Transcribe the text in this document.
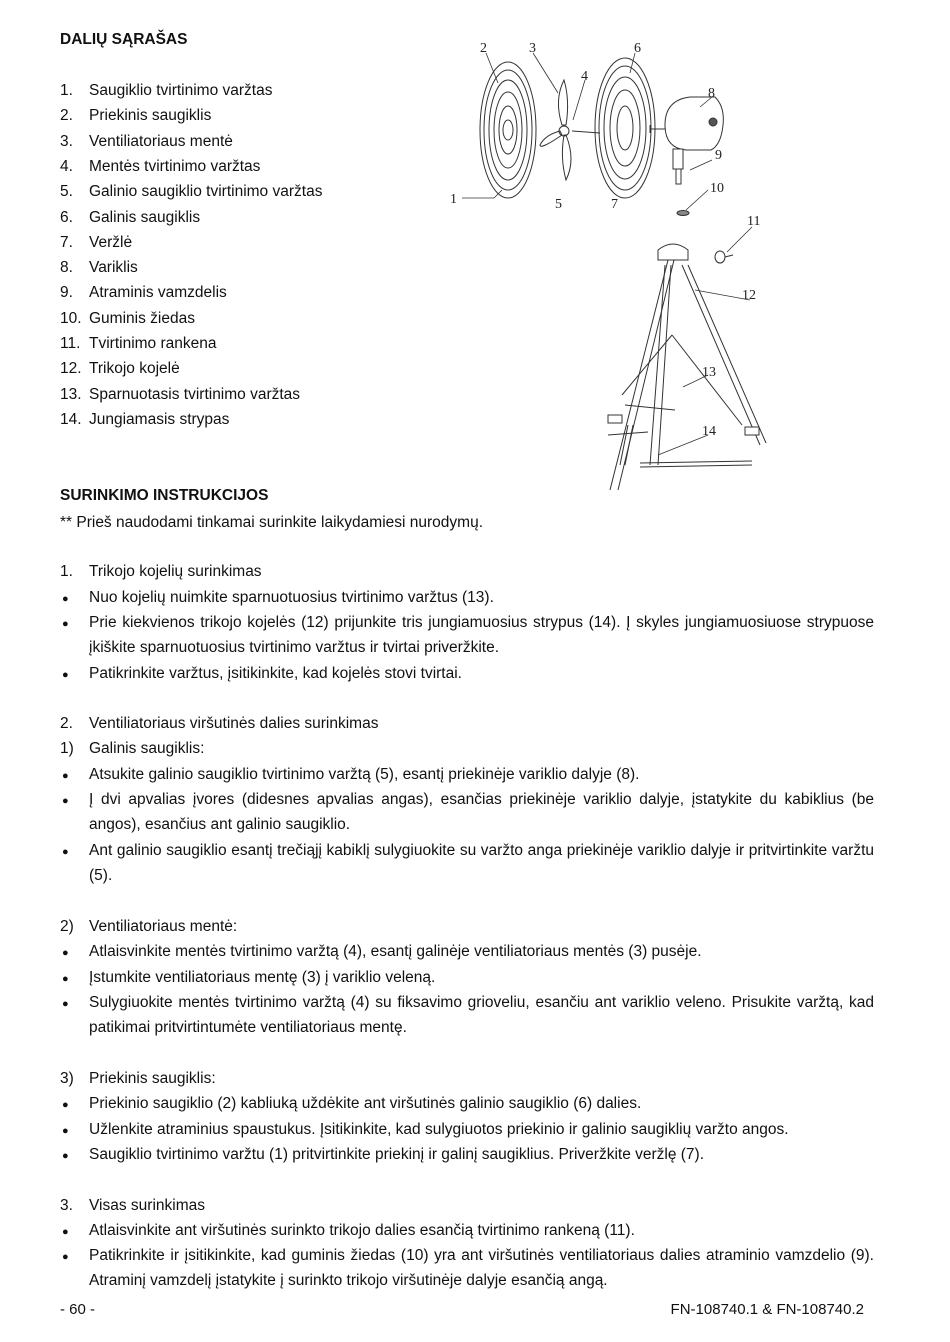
DALIŲ SĄRAŠAS
1. Saugiklio tvirtinimo varžtas
2. Priekinis saugiklis
3. Ventiliatoriaus mentė
4. Mentės tvirtinimo varžtas
5. Galinio saugiklio tvirtinimo varžtas
6. Galinis saugiklis
7. Veržlė
8. Variklis
9. Atraminis vamzdelis
10. Guminis žiedas
11. Tvirtinimo rankena
12. Trikojo kojelė
13. Sparnuotasis tvirtinimo varžtas
14. Jungiamasis strypas
1
2	3
4
5
6
7
8
9
10
11
12
13
14
SURINKIMO INSTRUKCIJOS
** Prieš naudodami tinkamai surinkite laikydamiesi nurodymų.
1. Trikojo kojelių surinkimas
● Nuo kojelių nuimkite sparnuotuosius tvirtinimo varžtus (13).
● Prie kiekvienos trikojo kojelės (12) prijunkite tris jungiamuosius strypus (14). Į skyles jungiamuosiuose strypuose įkiškite sparnuotuosius tvirtinimo varžtus ir tvirtai priveržkite.
● Patikrinkite varžtus, įsitikinkite, kad kojelės stovi tvirtai.
2. Ventiliatoriaus viršutinės dalies surinkimas
1) Galinis saugiklis:
● Atsukite galinio saugiklio tvirtinimo varžtą (5), esantį priekinėje variklio dalyje (8).
● Į dvi apvalias įvores (didesnes apvalias angas), esančias priekinėje variklio dalyje, įstatykite du kabiklius (be angos), esančius ant galinio saugiklio.
● Ant galinio saugiklio esantį trečiąjį kabiklį sulygiuokite su varžto anga priekinėje variklio dalyje ir pritvirtinkite varžtu (5).
2) Ventiliatoriaus mentė:
● Atlaisvinkite mentės tvirtinimo varžtą (4), esantį galinėje ventiliatoriaus mentės (3) pusėje.
● Įstumkite ventiliatoriaus mentę (3) į variklio veleną.
● Sulygiuokite mentės tvirtinimo varžtą (4) su fiksavimo grioveliu, esančiu ant variklio veleno. Prisukite varžtą, kad patikimai pritvirtintumėte ventiliatoriaus mentę.
3) Priekinis saugiklis:
● Priekinio saugiklio (2) kabliuką uždėkite ant viršutinės galinio saugiklio (6) dalies.
● Užlenkite atraminius spaustukus. Įsitikinkite, kad sulygiuotos priekinio ir galinio saugiklių varžto angos.
● Saugiklio tvirtinimo varžtu (1) pritvirtinkite priekinį ir galinį saugiklius. Priveržkite veržlę (7).
3. Visas surinkimas
● Atlaisvinkite ant viršutinės surinkto trikojo dalies esančią tvirtinimo rankeną (11).
● Patikrinkite ir įsitikinkite, kad guminis žiedas (10) yra ant viršutinės ventiliatoriaus dalies atraminio vamzdelio (9). Atraminį vamzdelį įstatykite į surinkto trikojo viršutinėje dalyje esančią angą.
- 60 -	FN-108740.1 & FN-108740.2
